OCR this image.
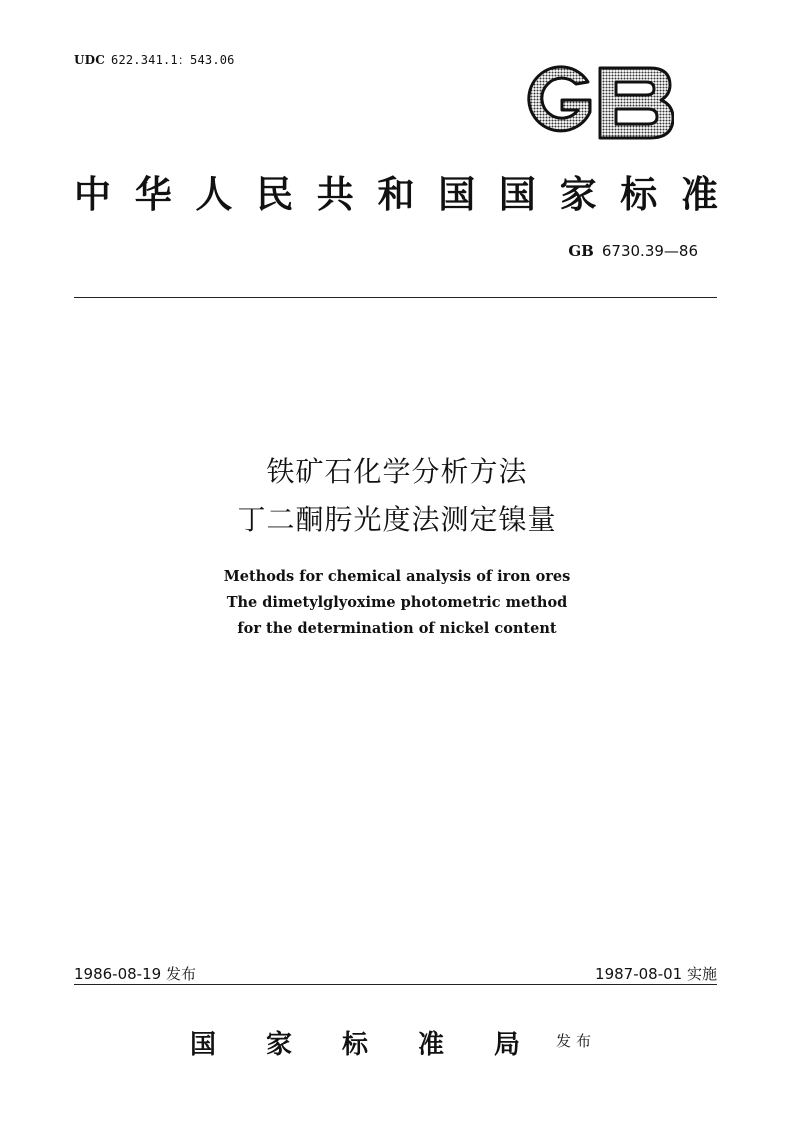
UDC 622.341.1：543.06
中华人民共和国国家标准
GB 6730.39—86
铁矿石化学分析方法
丁二酮肟光度法测定镍量
Methods for chemical analysis of iron ores
The dimetylglyoxime photometric method
for the determination of nickel content
1986-08-19 发布	1987-08-01 实施
国家标准局 发布
